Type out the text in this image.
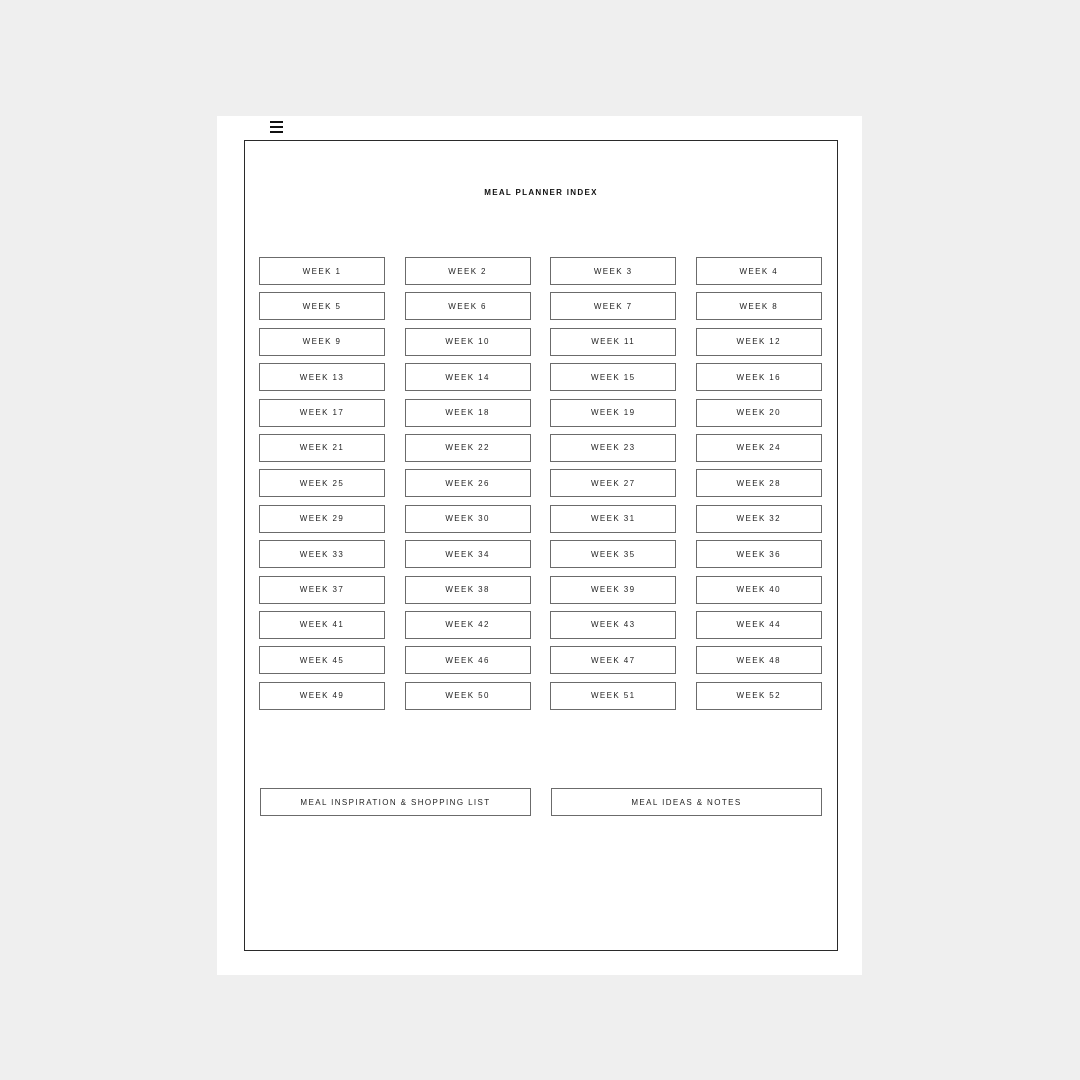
MEAL PLANNER INDEX
WEEK 1	WEEK 2	WEEK 3	WEEK 4
WEEK 5	WEEK 6	WEEK 7	WEEK 8
WEEK 9	WEEK 10	WEEK 11	WEEK 12
WEEK 13	WEEK 14	WEEK 15	WEEK 16
WEEK 17	WEEK 18	WEEK 19	WEEK 20
WEEK 21	WEEK 22	WEEK 23	WEEK 24
WEEK 25	WEEK 26	WEEK 27	WEEK 28
WEEK 29	WEEK 30	WEEK 31	WEEK 32
WEEK 33	WEEK 34	WEEK 35	WEEK 36
WEEK 37	WEEK 38	WEEK 39	WEEK 40
WEEK 41	WEEK 42	WEEK 43	WEEK 44
WEEK 45	WEEK 46	WEEK 47	WEEK 48
WEEK 49	WEEK 50	WEEK 51	WEEK 52
MEAL INSPIRATION & SHOPPING LIST	MEAL IDEAS & NOTES
